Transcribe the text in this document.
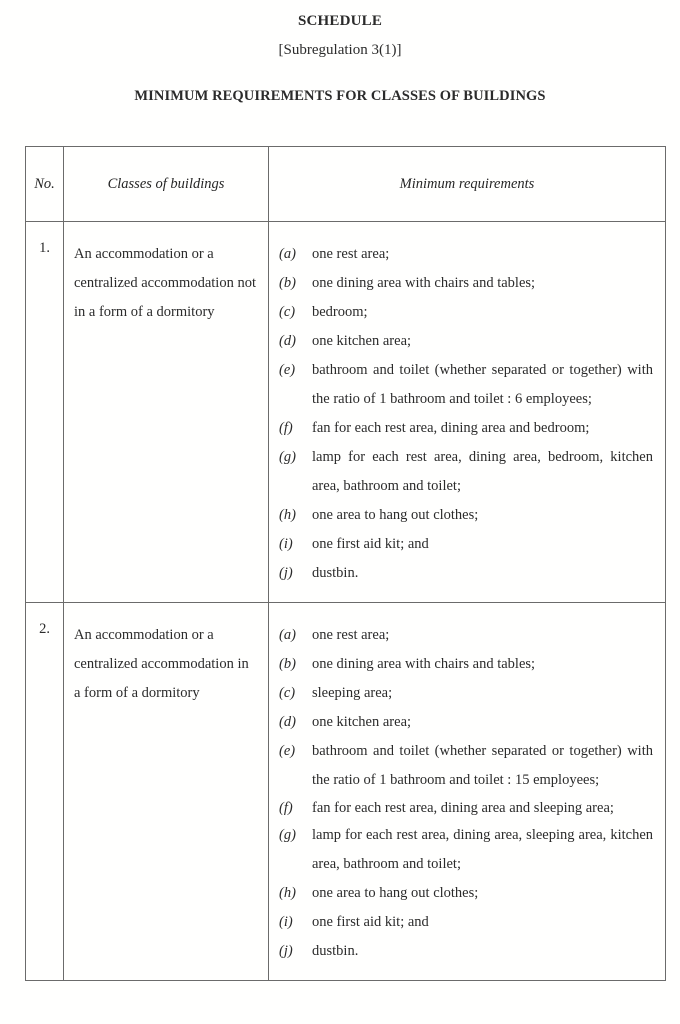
SCHEDULE
[Subregulation 3(1)]
MINIMUM REQUIREMENTS FOR CLASSES OF BUILDINGS
No.	Classes of buildings	Minimum requirements
1.	An accommodation or a centralized accommodation not in a form of a dormitory	
(a)	one rest area;
(b)	one dining area with chairs and tables;
(c)	bedroom;
(d)	one kitchen area;
(e)	bathroom and toilet (whether separated or together) with the ratio of 1 bathroom and toilet : 6 employees;
(f)	fan for each rest area, dining area and bedroom;
(g)	lamp for each rest area, dining area, bedroom, kitchen area, bathroom and toilet;
(h)	one area to hang out clothes;
(i)	one first aid kit; and
(j)	dustbin.

2.	An accommodation or a centralized accommodation in a form of a dormitory	
(a)	one rest area;
(b)	one dining area with chairs and tables;
(c)	sleeping area;
(d)	one kitchen area;
(e)	bathroom and toilet (whether separated or together) with the ratio of 1 bathroom and toilet : 15 employees;
(f)	fan for each rest area, dining area and sleeping area;
(g)	lamp for each rest area, dining area, sleeping area, kitchen area, bathroom and toilet;
(h)	one area to hang out clothes;
(i)	one first aid kit; and
(j)	dustbin.
